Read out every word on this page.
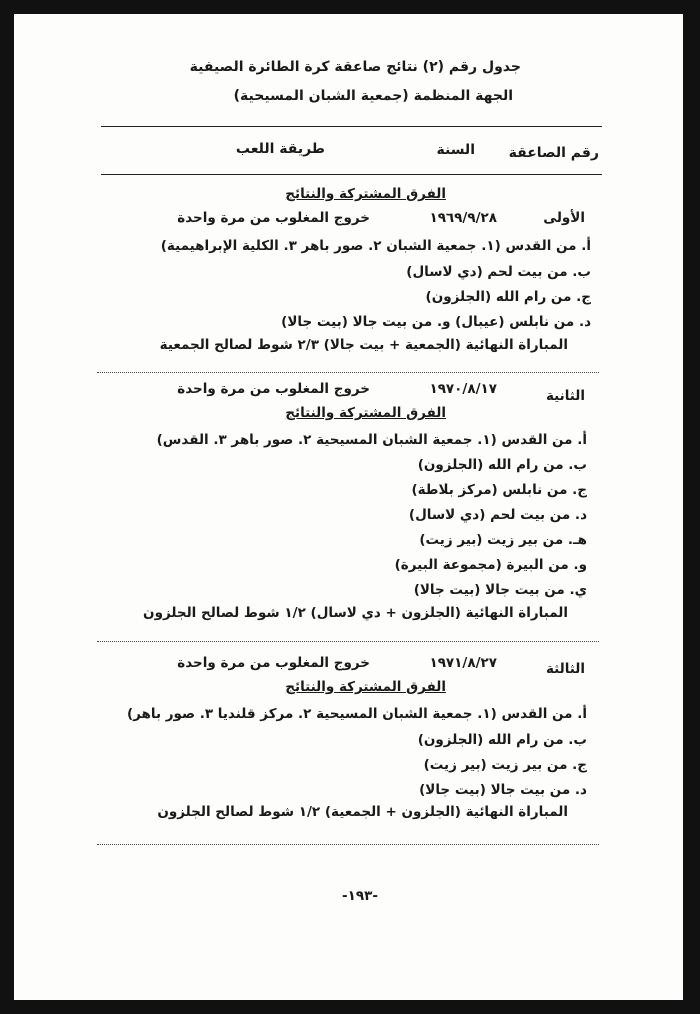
جدول رقم (٢) نتائج صاعقة كرة الطائرة الصيفية
الجهة المنظمة (جمعية الشبان المسيحية)
رقم الصاعقة
السنة
طريقة اللعب
الفرق المشتركة والنتائج
الأولى
١٩٦٩/٩/٢٨
خروج المغلوب من مرة واحدة
أ. من القدس (١. جمعية الشبان ٢. صور باهر ٣. الكلية الإبراهيمية)
ب. من بيت لحم (دي لاسال)
ج. من رام الله (الجلزون)
د. من نابلس (عيبال) و. من بيت جالا (بيت جالا)
المباراة النهائية (الجمعية + بيت جالا) ٢/٣ شوط لصالح الجمعية
الثانية
١٩٧٠/٨/١٧
خروج المغلوب من مرة واحدة
الفرق المشتركة والنتائج
أ. من القدس (١. جمعية الشبان المسيحية ٢. صور باهر ٣. القدس)
ب. من رام الله (الجلزون)
ج. من نابلس (مركز بلاطة)
د. من بيت لحم (دي لاسال)
هـ. من بير زيت (بير زيت)
و. من البيرة (مجموعة البيرة)
ي. من بيت جالا (بيت جالا)
المباراة النهائية (الجلزون + دي لاسال) ١/٢ شوط لصالح الجلزون
الثالثة
١٩٧١/٨/٢٧
خروج المغلوب من مرة واحدة
الفرق المشتركة والنتائج
أ. من القدس (١. جمعية الشبان المسيحية ٢. مركز قلنديا ٣. صور باهر)
ب. من رام الله (الجلزون)
ج. من بير زيت (بير زيت)
د. من بيت جالا (بيت جالا)
المباراة النهائية (الجلزون + الجمعية) ١/٢ شوط لصالح الجلزون
-١٩٣-
